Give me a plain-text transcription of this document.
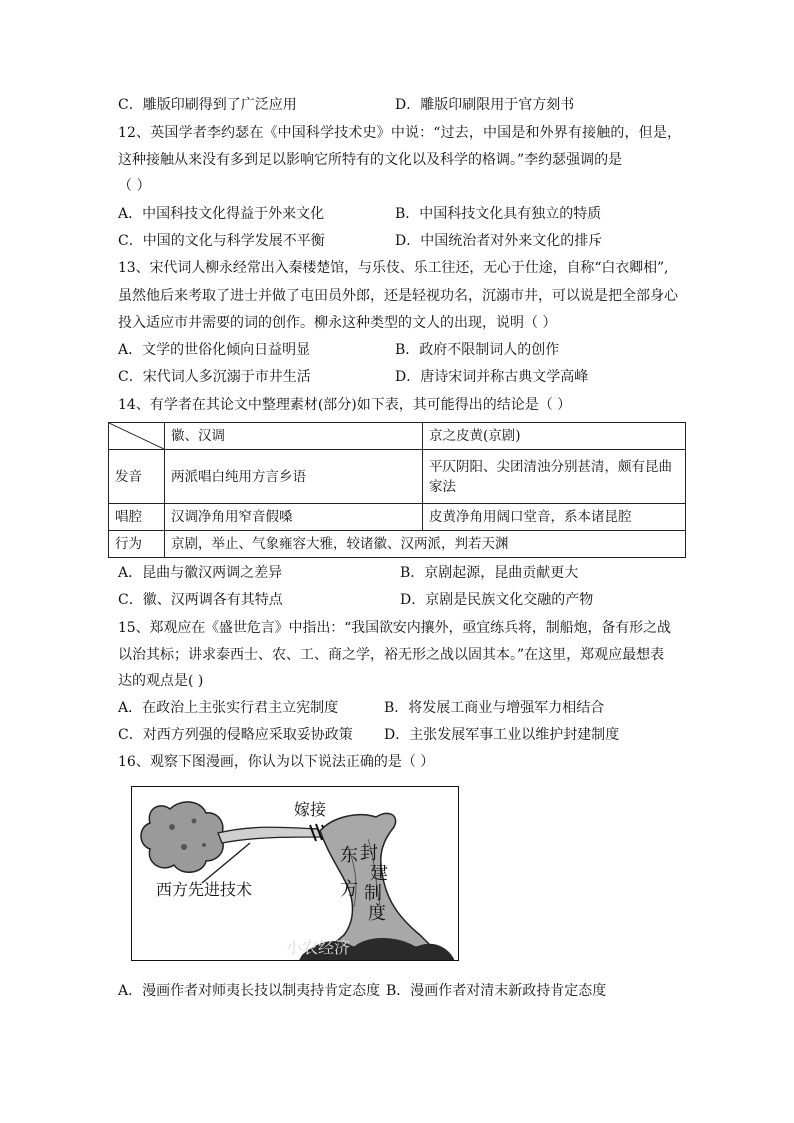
C．雕版印刷得到了广泛应用	D．雕版印刷限用于官方刻书
12、英国学者李约瑟在《中国科学技术史》中说：“过去，中国是和外界有接触的，但是，
这种接触从来没有多到足以影响它所特有的文化以及科学的格调。”李约瑟强调的是
（ ）
A．中国科技文化得益于外来文化	B．中国科技文化具有独立的特质
C．中国的文化与科学发展不平衡	D．中国统治者对外来文化的排斥
13、宋代词人柳永经常出入秦楼楚馆，与乐伎、乐工往还，无心于仕途，自称“白衣卿相”,
虽然他后来考取了进士并做了屯田员外郎，还是轻视功名，沉溺市井，可以说是把全部身心
投入适应市井需要的词的创作。柳永这种类型的文人的出现，说明（ ）
A．文学的世俗化倾向日益明显	B．政府不限制词人的创作
C．宋代词人多沉溺于市井生活	D．唐诗宋词并称古典文学高峰
14、有学者在其论文中整理素材(部分)如下表，其可能得出的结论是（ ）
	徽、汉调	京之皮黄(京剧)
发音	两派唱白纯用方言乡语	平仄阴阳、尖团清浊分别甚清，颇有昆曲家法
唱腔	汉调净角用窄音假嗓	皮黄净角用阔口堂音，系本诸昆腔
行为	京剧，举止、气象雍容大雅，较诸徽、汉两派，判若天渊	
A．昆曲与徽汉两调之差异	B．京剧起源，昆曲贡献更大
C．徽、汉两调各有其特点	D．京剧是民族文化交融的产物
15、郑观应在《盛世危言》中指出：“我国欲安内攘外，亟宜练兵将，制船炮，备有形之战
以治其标；讲求泰西士、农、工、商之学，裕无形之战以固其本。”在这里，郑观应最想表
达的观点是( )
A．在政治上主张实行君主立宪制度	B．将发展工商业与增强军力相结合
C．对西方列强的侵略应采取妥协政策 D．主张发展军事工业以维护封建制度
16、观察下图漫画，你认为以下说法正确的是（ ）
嫁接
西方先进技术
东
方
封
建
制
度
小农经济
A．漫画作者对师夷长技以制夷持肯定态度 B．漫画作者对清末新政持肯定态度
